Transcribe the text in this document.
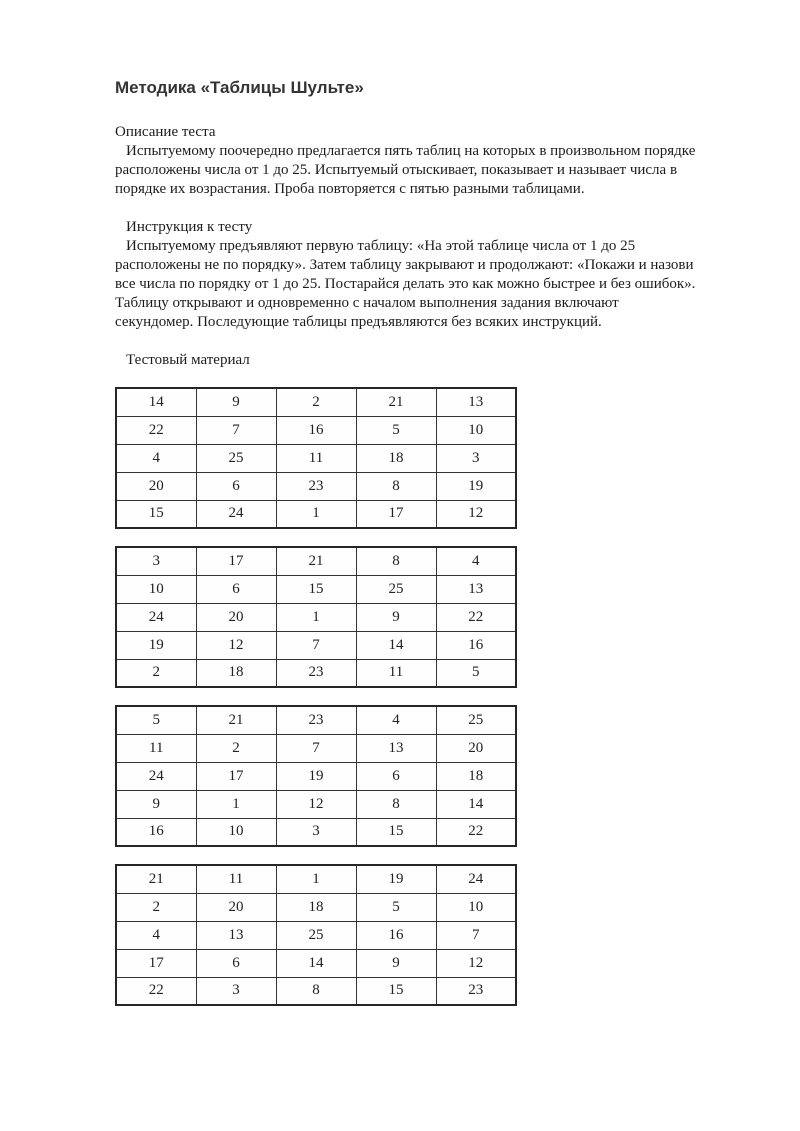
Методика «Таблицы Шульте»
Описание теста

Испытуемому поочередно предлагается пять таблиц на которых в произвольном порядке расположены числа от 1 до 25. Испытуемый отыскивает, показывает и называет числа в порядке их возрастания. Проба повторяется с пятью разными таблицами.

Инструкция к тесту

Испытуемому предъявляют первую таблицу: «На этой таблице числа от 1 до 25 расположены не по порядку». Затем таблицу закрывают и продолжают: «Покажи и назови все числа по порядку от 1 до 25. Постарайся делать это как можно быстрее и без ошибок». Таблицу открывают и одновременно с началом выполнения задания включают секундомер. Последующие таблицы предъявляются без всяких инструкций.

Тестовый материал
14	9	2	21	13
22	7	16	5	10
4	25	11	18	3
20	6	23	8	19
15	24	1	17	12
3	17	21	8	4
10	6	15	25	13
24	20	1	9	22
19	12	7	14	16
2	18	23	11	5
5	21	23	4	25
11	2	7	13	20
24	17	19	6	18
9	1	12	8	14
16	10	3	15	22
21	11	1	19	24
2	20	18	5	10
4	13	25	16	7
17	6	14	9	12
22	3	8	15	23
